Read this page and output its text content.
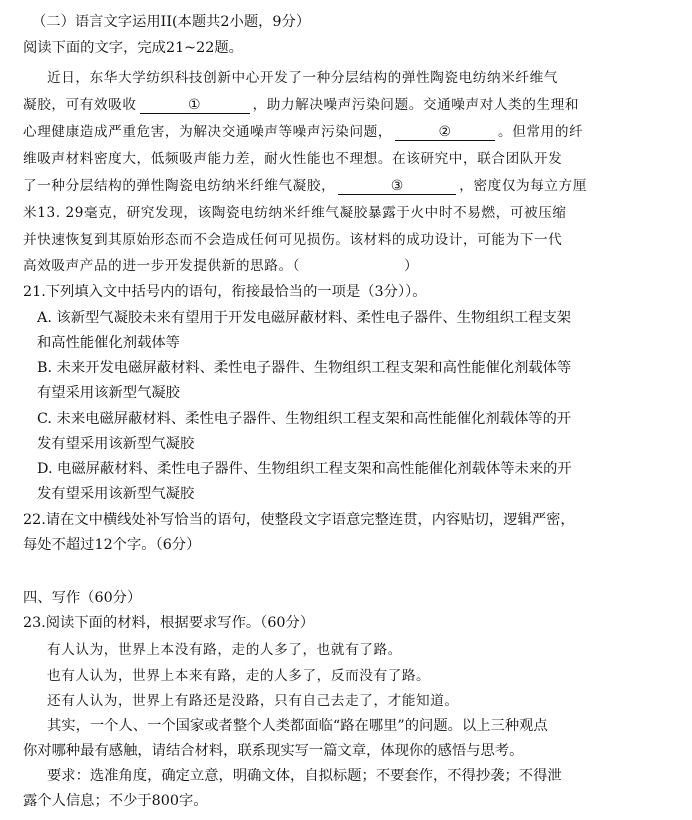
（二）语言文字运用II(本题共2小题，9分）
阅读下面的文字，完成21~22题。
近日，东华大学纺织科技创新中心开发了一种分层结构的弹性陶瓷电纺纳米纤维气
凝胶，可有效吸收	①	，助力解决噪声污染问题。交通噪声对人类的生理和
心理健康造成严重危害，为解决交通噪声等噪声污染问题，	②	。但常用的纤
维吸声材料密度大，低频吸声能力差，耐火性能也不理想。在该研究中，联合团队开发
了一种分层结构的弹性陶瓷电纺纳米纤维气凝胶，	③	，密度仅为每立方厘
米13. 29毫克，研究发现，该陶瓷电纺纳米纤维气凝胶暴露于火中时不易燃，可被压缩
并快速恢复到其原始形态而不会造成任何可见损伤。该材料的成功设计，可能为下一代
高效吸声产品的进一步开发提供新的思路。（	）
21.下列填入文中括号内的语句，衔接最恰当的一项是（3分））。
A. 该新型气凝胶未来有望用于开发电磁屏蔽材料、柔性电子器件、生物组织工程支架
和高性能催化剂载体等
B. 未来开发电磁屏蔽材料、柔性电子器件、生物组织工程支架和高性能催化剂载体等
有望采用该新型气凝胶
C. 未来电磁屏蔽材料、柔性电子器件、生物组织工程支架和高性能催化剂载体等的开
发有望采用该新型气凝胶
D. 电磁屏蔽材料、柔性电子器件、生物组织工程支架和高性能催化剂载体等未来的开
发有望采用该新型气凝胶
22.请在文中横线处补写恰当的语句，使整段文字语意完整连贯，内容贴切，逻辑严密，
每处不超过12个字。（6分）
四、写作（60分）
23.阅读下面的材料，根据要求写作。（60分）
有人认为，世界上本没有路，走的人多了，也就有了路。
也有人认为，世界上本来有路，走的人多了，反而没有了路。
还有人认为，世界上有路还是没路，只有自己去走了，才能知道。
其实，一个人、一个国家或者整个人类都面临“路在哪里”的问题。以上三种观点
你对哪种最有感触，请结合材料，联系现实写一篇文章，体现你的感悟与思考。
要求：选准角度，确定立意，明确文体，自拟标题；不要套作，不得抄袭；不得泄
露个人信息；不少于800字。
